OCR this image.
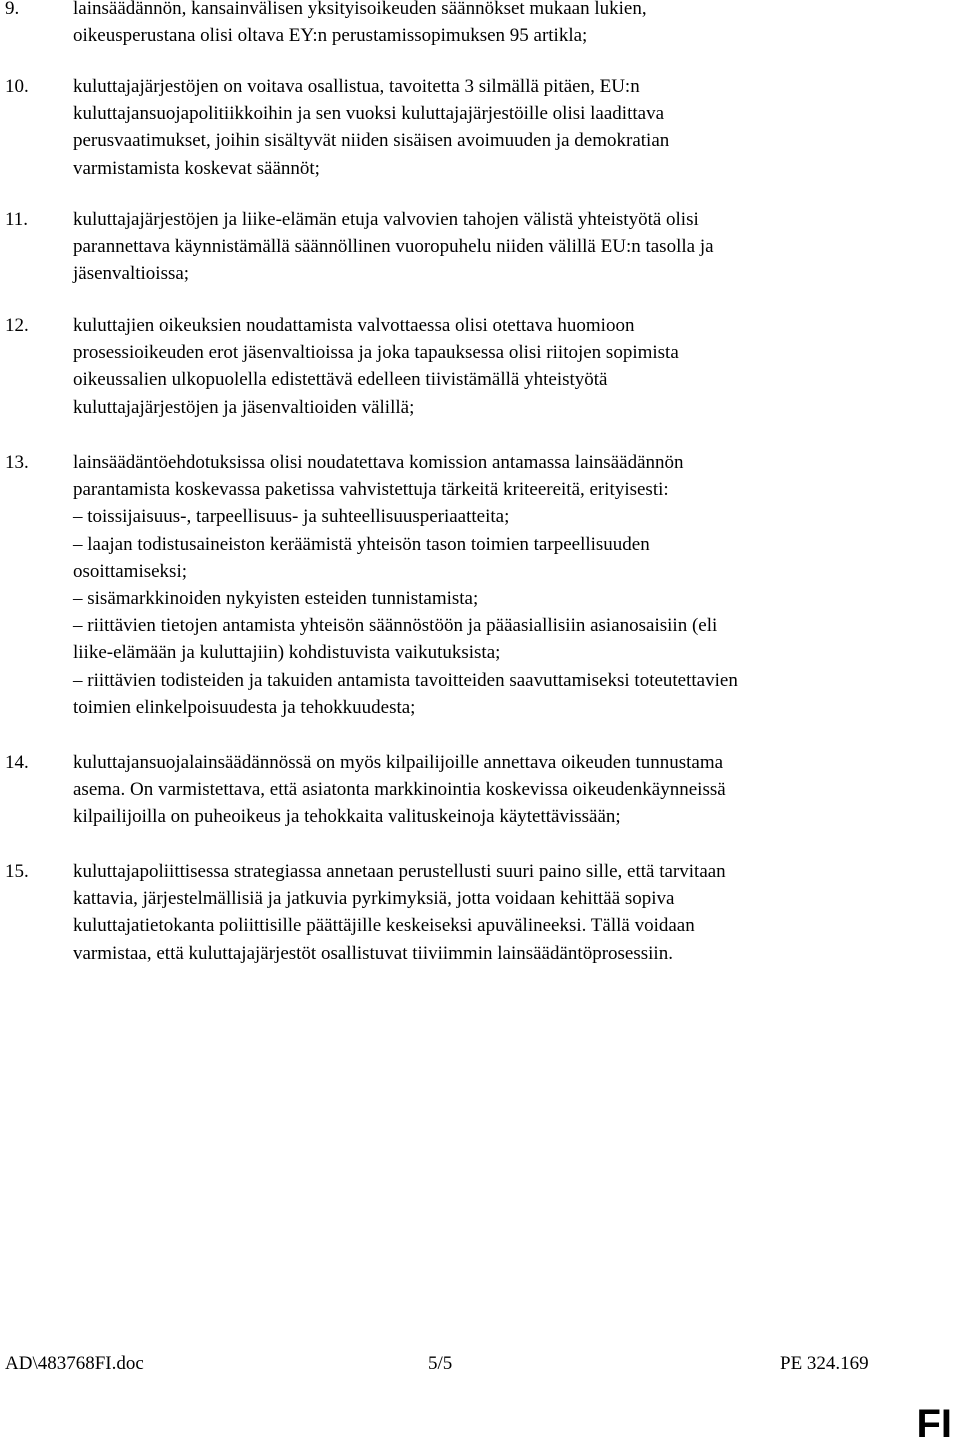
9.	lainsäädännön, kansainvälisen yksityisoikeuden säännökset mukaan lukien,
oikeusperustana olisi oltava EY:n perustamissopimuksen 95 artikla;
10. kuluttajajärjestöjen on voitava osallistua, tavoitetta 3 silmällä pitäen, EU:n
kuluttajansuojapolitiikkoihin ja sen vuoksi kuluttajajärjestöille olisi laadittava
perusvaatimukset, joihin sisältyvät niiden sisäisen avoimuuden ja demokratian
varmistamista koskevat säännöt;
11. kuluttajajärjestöjen ja liike-elämän etuja valvovien tahojen välistä yhteistyötä olisi
parannettava käynnistämällä säännöllinen vuoropuhelu niiden välillä EU:n tasolla ja
jäsenvaltioissa;
12. kuluttajien oikeuksien noudattamista valvottaessa olisi otettava huomioon
prosessioikeuden erot jäsenvaltioissa ja joka tapauksessa olisi riitojen sopimista
oikeussalien ulkopuolella edistettävä edelleen tiivistämällä yhteistyötä
kuluttajajärjestöjen ja jäsenvaltioiden välillä;
13. lainsäädäntöehdotuksissa olisi noudatettava komission antamassa lainsäädännön
parantamista koskevassa paketissa vahvistettuja tärkeitä kriteereitä, erityisesti:
– toissijaisuus-, tarpeellisuus- ja suhteellisuusperiaatteita;
– laajan todistusaineiston keräämistä yhteisön tason toimien tarpeellisuuden
osoittamiseksi;
– sisämarkkinoiden nykyisten esteiden tunnistamista;
– riittävien tietojen antamista yhteisön säännöstöön ja pääasiallisiin asianosaisiin (eli
liike-elämään ja kuluttajiin) kohdistuvista vaikutuksista;
– riittävien todisteiden ja takuiden antamista tavoitteiden saavuttamiseksi toteutettavien
toimien elinkelpoisuudesta ja tehokkuudesta;
14. kuluttajansuojalainsäädännössä on myös kilpailijoille annettava oikeuden tunnustama
asema. On varmistettava, että asiatonta markkinointia koskevissa oikeudenkäynneissä
kilpailijoilla on puheoikeus ja tehokkaita valituskeinoja käytettävissään;
15. kuluttajapoliittisessa strategiassa annetaan perustellusti suuri paino sille, että tarvitaan
kattavia, järjestelmällisiä ja jatkuvia pyrkimyksiä, jotta voidaan kehittää sopiva
kuluttajatietokanta poliittisille päättäjille keskeiseksi apuvälineeksi. Tällä voidaan
varmistaa, että kuluttajajärjestöt osallistuvat tiiviimmin lainsäädäntöprosessiin.
AD\483768FI.doc	5/5	PE 324.169
FI
